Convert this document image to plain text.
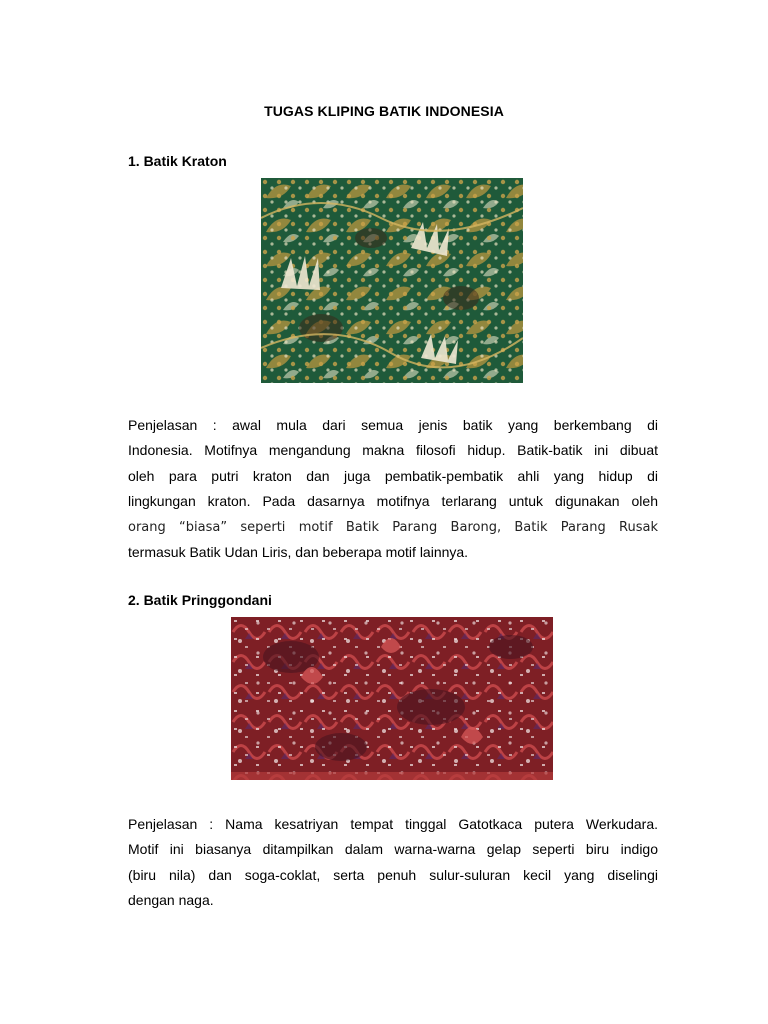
TUGAS KLIPING BATIK INDONESIA
1. Batik Kraton
Penjelasan : awal mula dari semua jenis batik yang berkembang di
Indonesia. Motifnya mengandung makna filosofi hidup. Batik-batik ini dibuat
oleh para putri kraton dan juga pembatik-pembatik ahli yang hidup di
lingkungan kraton. Pada dasarnya motifnya terlarang untuk digunakan oleh
orang “biasa” seperti motif Batik Parang Barong, Batik Parang Rusak
termasuk Batik Udan Liris, dan beberapa motif lainnya.
2. Batik Pringgondani
Penjelasan : Nama kesatriyan tempat tinggal Gatotkaca putera Werkudara.
Motif ini biasanya ditampilkan dalam warna-warna gelap seperti biru indigo
(biru nila) dan soga-coklat, serta penuh sulur-suluran kecil yang diselingi
dengan naga.
